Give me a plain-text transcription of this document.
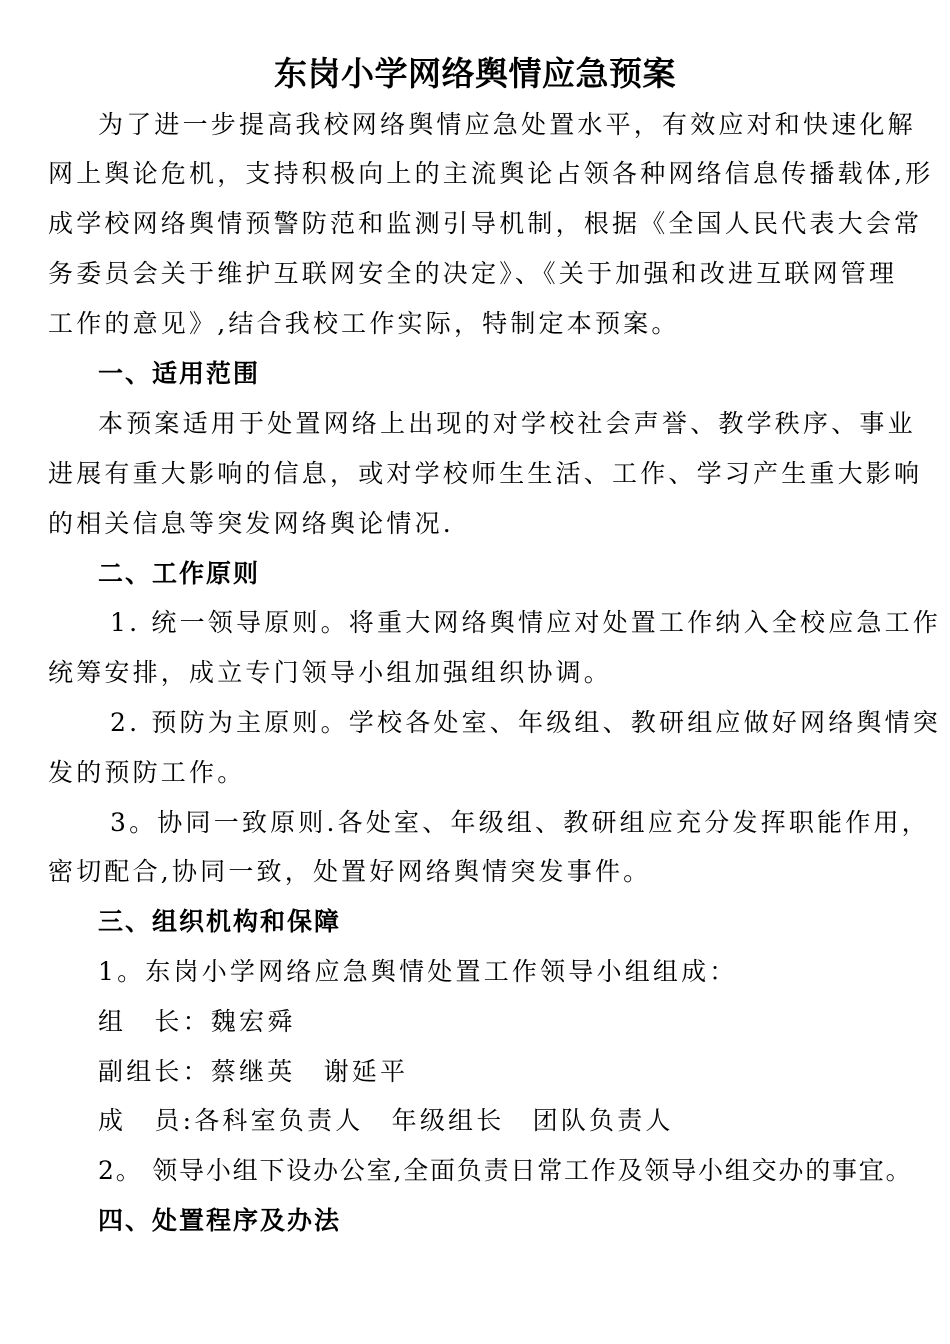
东岗小学网络舆情应急预案
为了进一步提高我校网络舆情应急处置水平，有效应对和快速化解
网上舆论危机，支持积极向上的主流舆论占领各种网络信息传播载体,形
成学校网络舆情预警防范和监测引导机制，根据《全国人民代表大会常
务委员会关于维护互联网安全的决定》、《关于加强和改进互联网管理
工作的意见》,结合我校工作实际，特制定本预案。
一、适用范围
本预案适用于处置网络上出现的对学校社会声誉、教学秩序、事业
进展有重大影响的信息，或对学校师生生活、工作、学习产生重大影响
的相关信息等突发网络舆论情况.
二、工作原则
1. 统一领导原则。将重大网络舆情应对处置工作纳入全校应急工作
统筹安排，成立专门领导小组加强组织协调。
2. 预防为主原则。学校各处室、年级组、教研组应做好网络舆情突
发的预防工作。
3。协同一致原则.各处室、年级组、教研组应充分发挥职能作用，
密切配合,协同一致，处置好网络舆情突发事件。
三、组织机构和保障
1。东岗小学网络应急舆情处置工作领导小组组成：
组　长：魏宏舜
副组长：蔡继英　谢延平
成　员:各科室负责人　年级组长　团队负责人
2。 领导小组下设办公室,全面负责日常工作及领导小组交办的事宜。
四、处置程序及办法
